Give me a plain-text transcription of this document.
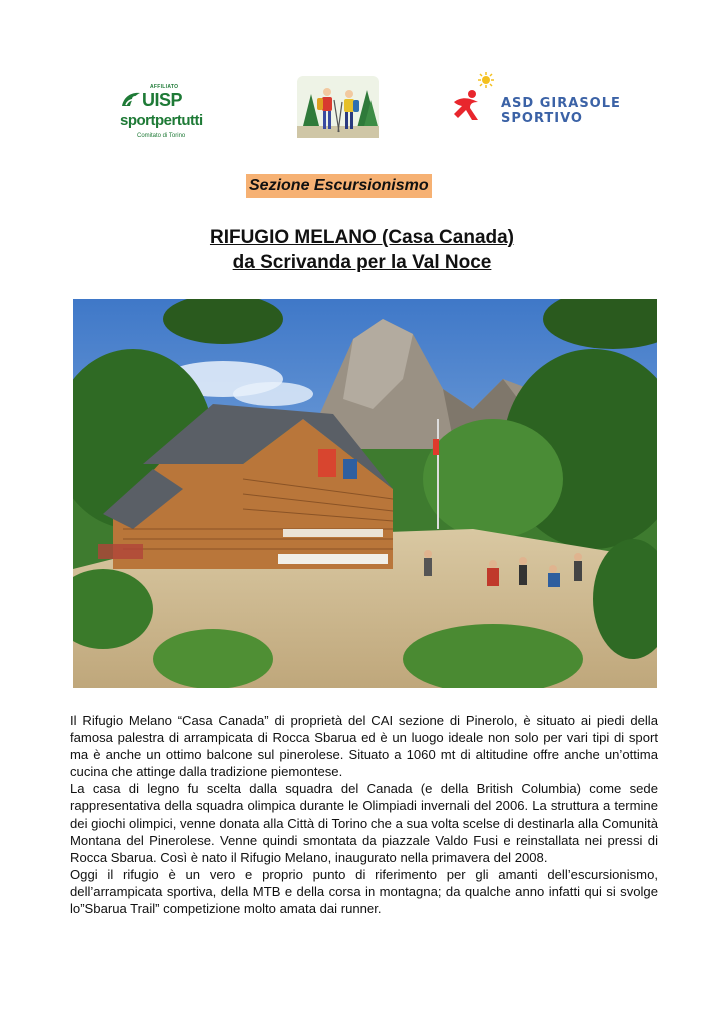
AFFILIATO
UISP
sportpertutti
Comitato di Torino
ASD GIRASOLE SPORTIVO
Sezione Escursionismo
RIFUGIO MELANO (Casa Canada)
da Scrivanda per la Val Noce

Il Rifugio Melano “Casa Canada” di proprietà del CAI sezione di Pinerolo, è situato ai piedi della famosa palestra di arrampicata di Rocca Sbarua ed è un luogo ideale non solo per vari tipi di sport ma è anche un ottimo balcone sul pinerolese. Situato a 1060 mt di altitudine offre anche un’ottima cucina che attinge dalla tradizione piemontese.

La casa di legno fu scelta dalla squadra del Canada (e della British Columbia) come sede rappresentativa della squadra olimpica durante le Olimpiadi invernali del 2006. La struttura a termine dei giochi olimpici, venne donata alla Città di Torino che a sua volta scelse di destinarla alla Comunità Montana del Pinerolese. Venne quindi smontata da piazzale Valdo Fusi e reinstallata nei pressi di Rocca Sbarua. Così è nato il Rifugio Melano, inaugurato nella primavera del 2008.

Oggi il rifugio è un vero e proprio punto di riferimento per gli amanti dell’escursionismo, dell’arrampicata sportiva, della MTB e della corsa in montagna; da qualche anno infatti qui si svolge lo”Sbarua Trail” competizione molto amata dai runner.
